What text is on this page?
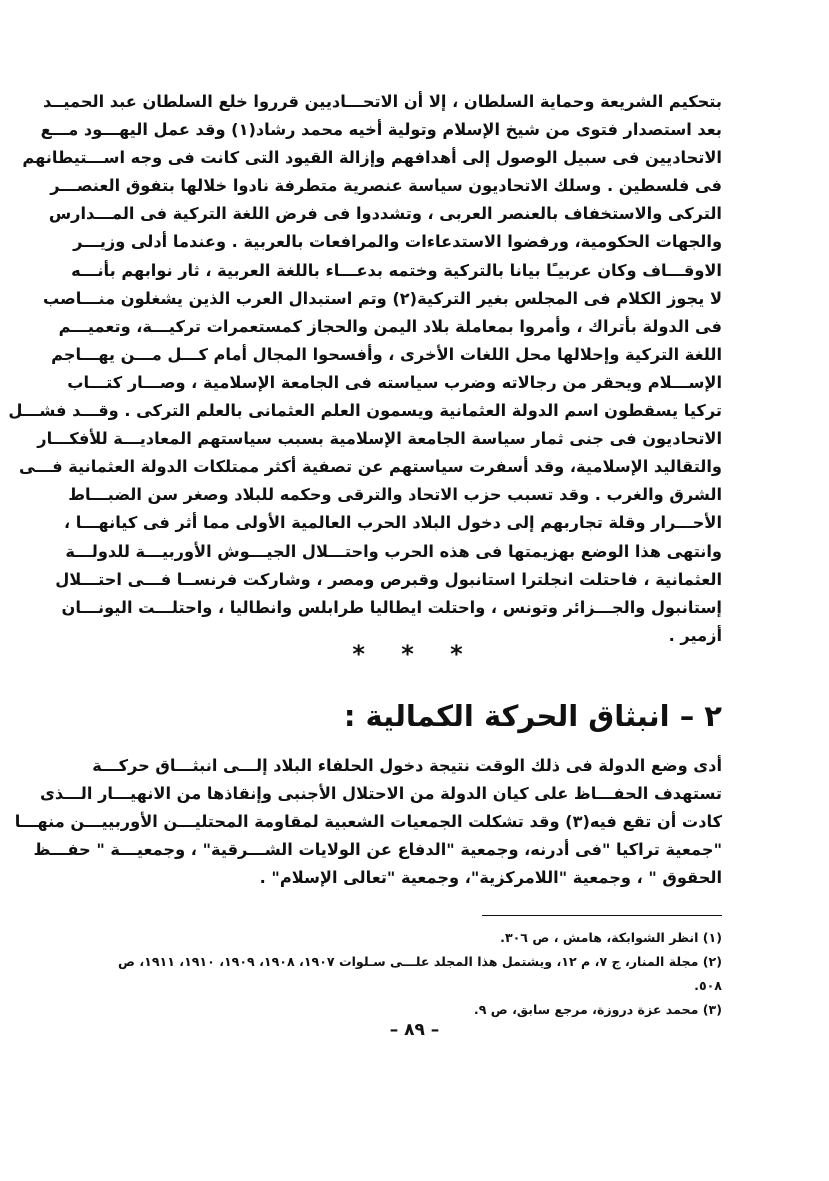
بتحكيم الشريعة وحماية السلطان ، إلا أن الاتحـــاديين قرروا خلع السلطان عبد الحميــد
بعد استصدار فتوى من شيخ الإسلام وتولية أخيه محمد رشاد(١) وقد عمل اليهـــود مـــع
الاتحاديين فى سبيل الوصول إلى أهدافهم وإزالة القيود التى كانت فى وجه اســـتيطانهم
فى فلسطين . وسلك الاتحاديون سياسة عنصرية متطرفة نادوا خلالها بتفوق العنصـــر
التركى والاستخفاف بالعنصر العربى ، وتشددوا فى فرض اللغة التركية فى المـــدارس
والجهات الحكومية، ورفضوا الاستدعاءات والمرافعات بالعربية . وعندما أدلى وزيـــر
الاوقـــاف وكان عربيـًا بيانا بالتركية وختمه بدعـــاء باللغة العربية ، ثار نوابهم بأنـــه
لا يجوز الكلام فى المجلس بغير التركية(٢) وتم استبدال العرب الذين يشغلون منـــاصب
فى الدولة بأتراك ، وأمروا بمعاملة بلاد اليمن والحجاز كمستعمرات تركيـــة، وتعميـــم
اللغة التركية وإحلالها محل اللغات الأخرى ، وأفسحوا المجال أمام كـــل مـــن يهـــاجم
الإســـلام ويحقر من رجالاته وضرب سياسته فى الجامعة الإسلامية ، وصـــار كتـــاب
تركيا يسقطون اسم الدولة العثمانية ويسمون العلم العثمانى بالعلم التركى . وقـــد فشـــل
الاتحاديون فى جنى ثمار سياسة الجامعة الإسلامية بسبب سياستهم المعاديـــة للأفكـــار
والتقاليد الإسلامية، وقد أسفرت سياستهم عن تصفية أكثر ممتلكات الدولة العثمانية فـــى
الشرق والغرب . وقد تسبب حزب الاتحاد والترقى وحكمه للبلاد وصغر سن الضبـــاط
الأحـــرار وقلة تجاربهم إلى دخول البلاد الحرب العالمية الأولى مما أثر فى كيانهـــا ،
وانتهى هذا الوضع بهزيمتها فى هذه الحرب واحتـــلال الجيـــوش الأوربيـــة للدولـــة
العثمانية ، فاحتلت انجلترا استانبول وقبرص ومصر ، وشاركت فرنســا فـــى احتـــلال
إستانبول والجـــزائر وتونس ، واحتلت ايطاليا طرابلس وانطاليا ، واحتلـــت اليونـــان
أزمير .
* * *
٢ – انبثاق الحركة الكمالية :
أدى وضع الدولة فى ذلك الوقت نتيجة دخول الحلفاء البلاد إلـــى انبثـــاق حركـــة
تستهدف الحفـــاظ على كيان الدولة من الاحتلال الأجنبى وإنقاذها من الانهيـــار الـــذى
كادت أن تقع فيه(٣) وقد تشكلت الجمعيات الشعبية لمقاومة المحتليـــن الأوربييـــن منهـــا
"جمعية تراكيا "فى أدرنه، وجمعية "الدفاع عن الولايات الشـــرقية" ، وجمعيـــة " حفـــظ
الحقوق " ، وجمعية "اللامركزية"، وجمعية "تعالى الإسلام" .
(١) انظر الشوابكة، هامش ، ص ٣٠٦.
(٢) مجلة المنار، ج ٧، م ١٢، ويشتمل هذا المجلد علـــى سـلوات ١٩٠٧، ١٩٠٨، ١٩٠٩، ١٩١٠، ١٩١١، ص
٥٠٨.
(٣) محمد عزة دروزة، مرجع سابق، ص ٩.
– ٨٩ –
